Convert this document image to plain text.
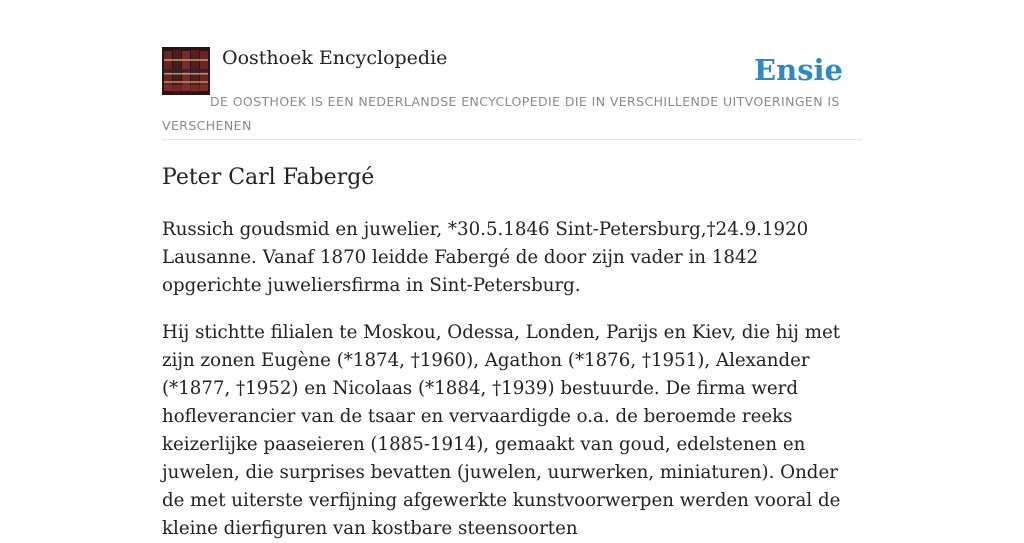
Oosthoek Encyclopedie	Ensie
DE OOSTHOEK IS EEN NEDERLANDSE ENCYCLOPEDIE DIE IN VERSCHILLENDE UITVOERINGEN IS VERSCHENEN
Peter Carl Fabergé

Russich goudsmid en juwelier, *30.5.1846 Sint-Petersburg,†24.9.1920 Lausanne. Vanaf 1870 leidde Fabergé de door zijn vader in 1842 opgerichte juweliersfirma in Sint-Petersburg.

Hij stichtte filialen te Moskou, Odessa, Londen, Parijs en Kiev, die hij met zijn zonen Eugène (*1874, †1960), Agathon (*1876, †1951), Alexander (*1877, †1952) en Nicolaas (*1884, †1939) bestuurde. De firma werd hofleverancier van de tsaar en vervaardigde o.a. de beroemde reeks keizerlijke paaseieren (1885-1914), gemaakt van goud, edelstenen en juwelen, die surprises bevatten (juwelen, uurwerken, miniaturen). Onder de met uiterste verfijning afgewerkte kunstvoorwerpen werden vooral de kleine dierfiguren van kostbare steensoorten
